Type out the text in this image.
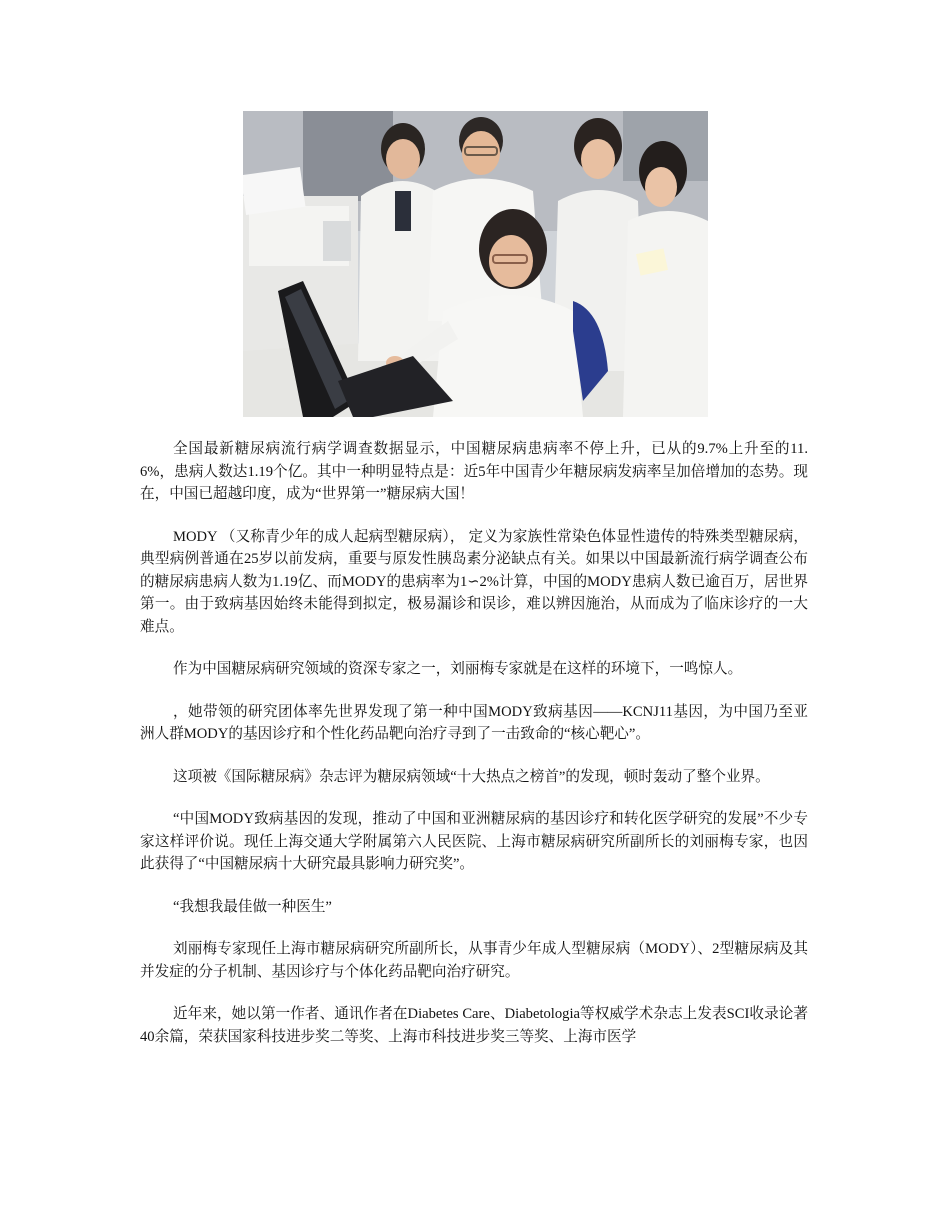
全国最新糖尿病流行病学调查数据显示，中国糖尿病患病率不停上升，已从的9.7%上升至的11.6%，患病人数达1.19个亿。其中一种明显特点是：近5年中国青少年糖尿病发病率呈加倍增加的态势。现在，中国已超越印度，成为“世界第一”糖尿病大国！

MODY （又称青少年的成人起病型糖尿病）， 定义为家族性常染色体显性遗传的特殊类型糖尿病， 典型病例普通在25岁以前发病，重要与原发性胰岛素分泌缺点有关。如果以中国最新流行病学调查公布的糖尿病患病人数为1.19亿、而MODY的患病率为1∽2%计算，中国的MODY患病人数已逾百万，居世界第一。由于致病基因始终未能得到拟定，极易漏诊和误诊，难以辨因施治，从而成为了临床诊疗的一大难点。

作为中国糖尿病研究领域的资深专家之一，刘丽梅专家就是在这样的环境下，一鸣惊人。

，她带领的研究团体率先世界发现了第一种中国MODY致病基因——KCNJ11基因，为中国乃至亚洲人群MODY的基因诊疗和个性化药品靶向治疗寻到了一击致命的“核心靶心”。

这项被《国际糖尿病》杂志评为糖尿病领域“十大热点之榜首”的发现，顿时轰动了整个业界。

“中国MODY致病基因的发现，推动了中国和亚洲糖尿病的基因诊疗和转化医学研究的发展”不少专家这样评价说。现任上海交通大学附属第六人民医院、上海市糖尿病研究所副所长的刘丽梅专家，也因此获得了“中国糖尿病十大研究最具影响力研究奖”。

“我想我最佳做一种医生”

刘丽梅专家现任上海市糖尿病研究所副所长，从事青少年成人型糖尿病（MODY）、2型糖尿病及其并发症的分子机制、基因诊疗与个体化药品靶向治疗研究。

近年来，她以第一作者、通讯作者在Diabetes Care、Diabetologia等权威学术杂志上发表SCI收录论著40余篇，荣获国家科技进步奖二等奖、上海市科技进步奖三等奖、上海市医学
